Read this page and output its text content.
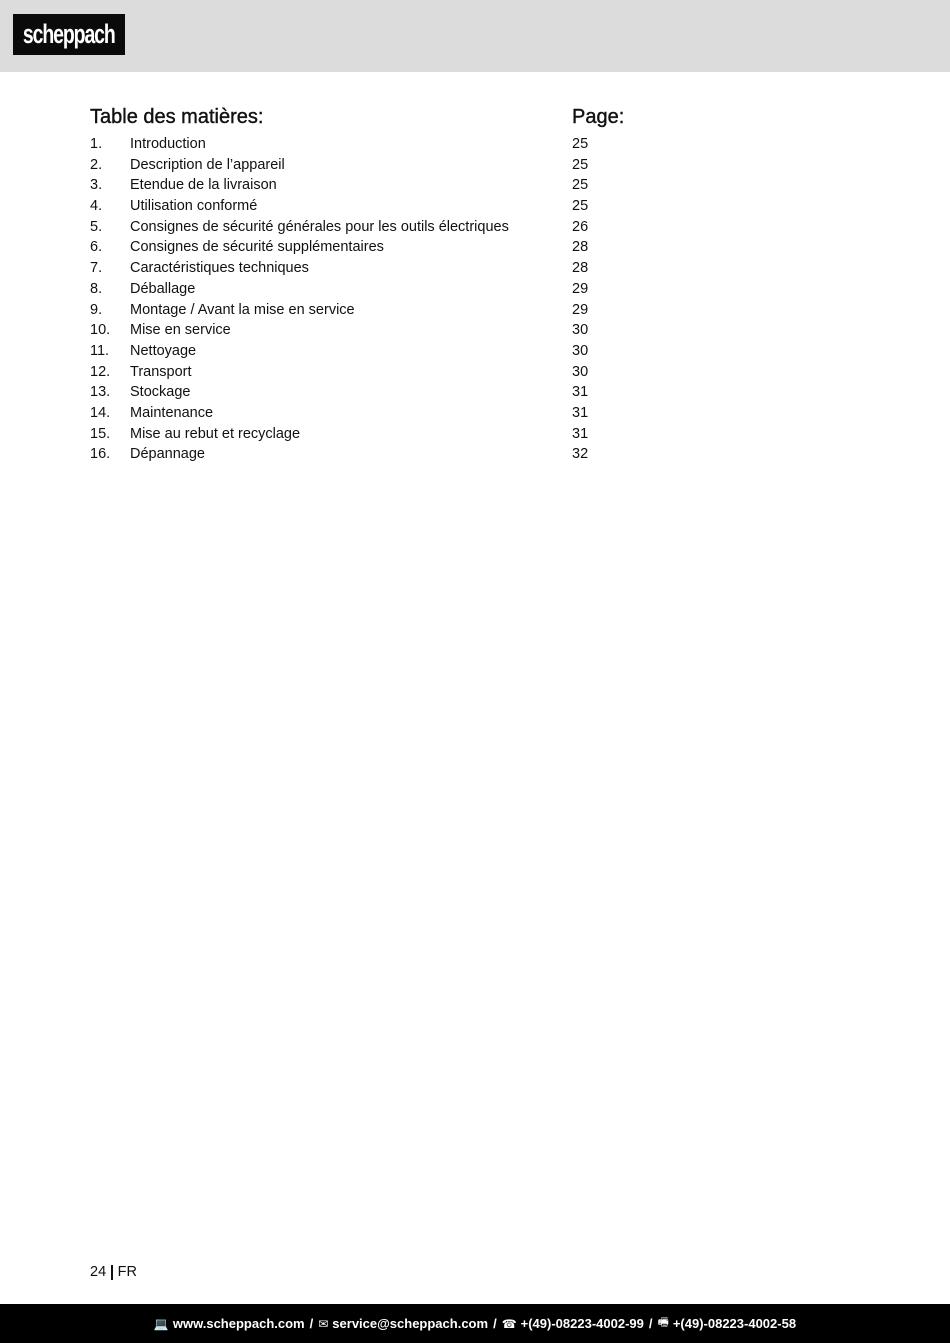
scheppach
Table des matières:	Page:
1. Introduction	25
2. Description de l’appareil	25
3. Etendue de la livraison	25
4. Utilisation conformé	25
5. Consignes de sécurité générales pour les outils électriques	26
6. Consignes de sécurité supplémentaires	28
7. Caractéristiques techniques	28
8. Déballage	29
9. Montage / Avant la mise en service	29
10. Mise en service	30
11. Nettoyage	30
12. Transport	30
13. Stockage	31
14. Maintenance	31
15. Mise au rebut et recyclage	31
16. Dépannage	32
24 FR
💻 www.scheppach.com / ✉ service@scheppach.com / ☎ +(49)-08223-4002-99 / 🖷 +(49)-08223-4002-58
